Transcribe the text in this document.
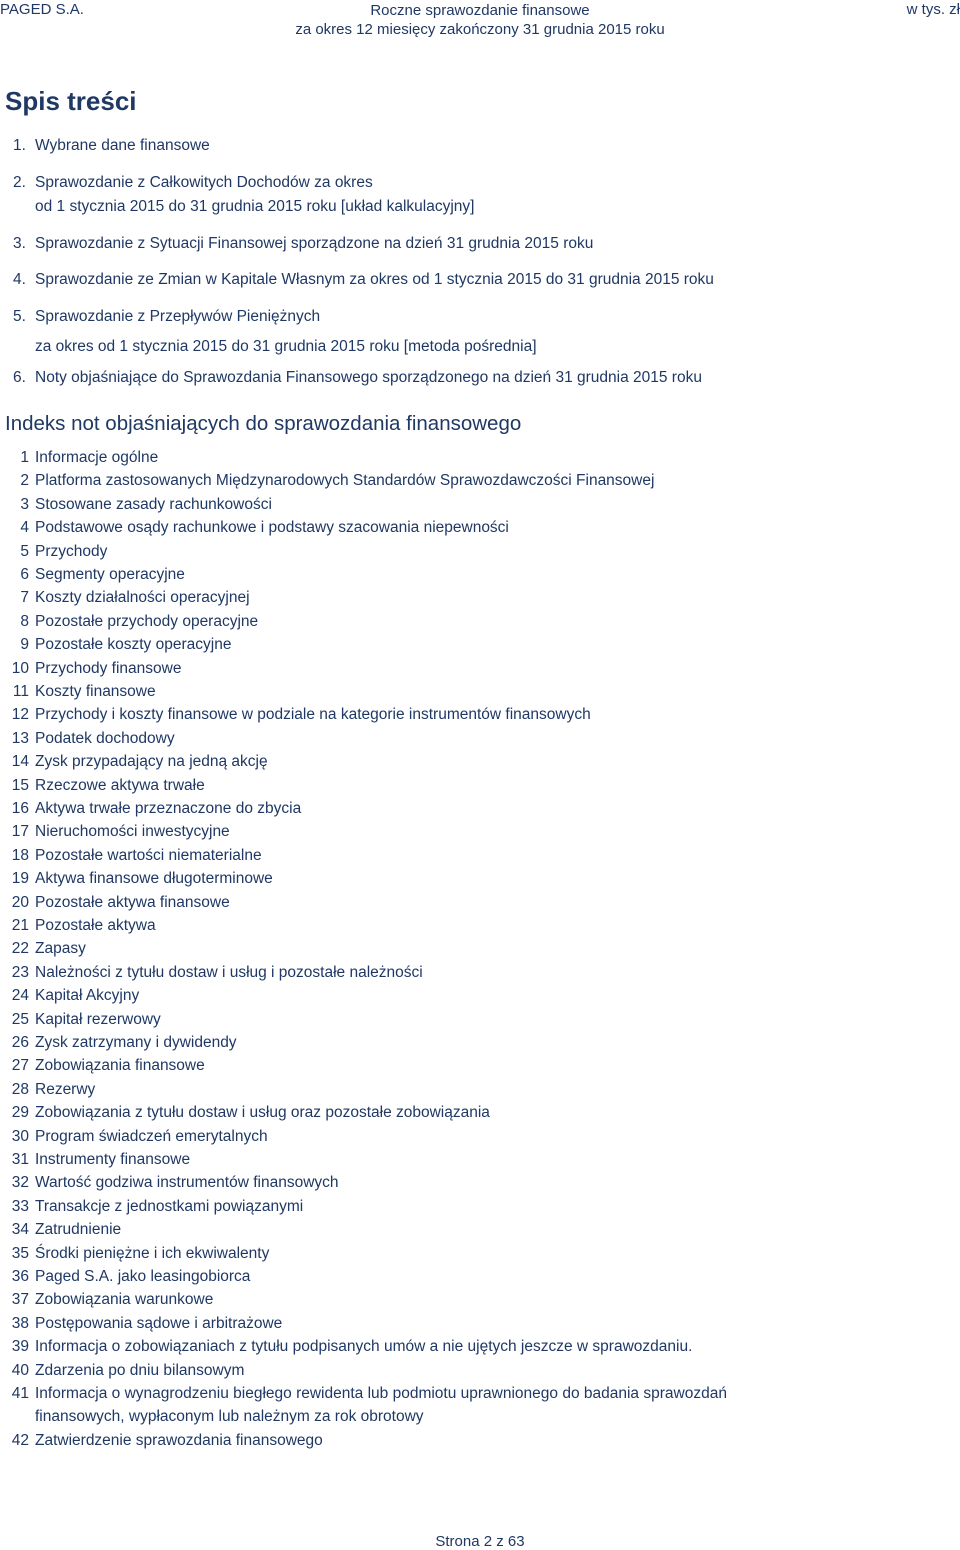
PAGED S.A.	Roczne sprawozdanie finansowe
za okres 12 miesięcy zakończony 31 grudnia 2015 roku
w tys. zł
Spis treści
1. Wybrane dane finansowe
2. Sprawozdanie z Całkowitych Dochodów za okres
od 1 stycznia 2015 do 31 grudnia 2015 roku [układ kalkulacyjny]
3. Sprawozdanie z Sytuacji Finansowej sporządzone na dzień 31 grudnia 2015 roku
4. Sprawozdanie ze Zmian w Kapitale Własnym za okres od 1 stycznia 2015 do 31 grudnia 2015 roku
5. Sprawozdanie z Przepływów Pieniężnych
za okres od 1 stycznia 2015 do 31 grudnia 2015 roku [metoda pośrednia]
6. Noty objaśniające do Sprawozdania Finansowego sporządzonego na dzień 31 grudnia 2015 roku
Indeks not objaśniających do sprawozdania finansowego
1 Informacje ogólne
2 Platforma zastosowanych Międzynarodowych Standardów Sprawozdawczości Finansowej
3 Stosowane zasady rachunkowości
4 Podstawowe osądy rachunkowe i podstawy szacowania niepewności
5 Przychody
6 Segmenty operacyjne
7 Koszty działalności operacyjnej
8 Pozostałe przychody operacyjne
9 Pozostałe koszty operacyjne
10 Przychody finansowe
11 Koszty finansowe
12 Przychody i koszty finansowe w podziale na kategorie instrumentów finansowych
13 Podatek dochodowy
14 Zysk przypadający na jedną akcję
15 Rzeczowe aktywa trwałe
16 Aktywa trwałe przeznaczone do zbycia
17 Nieruchomości inwestycyjne
18 Pozostałe wartości niematerialne
19 Aktywa finansowe długoterminowe
20 Pozostałe aktywa finansowe
21 Pozostałe aktywa
22 Zapasy
23 Należności z tytułu dostaw i usług i pozostałe należności
24 Kapitał Akcyjny
25 Kapitał rezerwowy
26 Zysk zatrzymany i dywidendy
27 Zobowiązania finansowe
28 Rezerwy
29 Zobowiązania z tytułu dostaw i usług oraz pozostałe zobowiązania
30 Program świadczeń emerytalnych
31 Instrumenty finansowe
32 Wartość godziwa instrumentów finansowych
33 Transakcje z jednostkami powiązanymi
34 Zatrudnienie
35 Środki pieniężne i ich ekwiwalenty
36 Paged S.A. jako leasingobiorca
37 Zobowiązania warunkowe
38 Postępowania sądowe i arbitrażowe
39 Informacja o zobowiązaniach z tytułu podpisanych umów a nie ujętych jeszcze w sprawozdaniu.
40 Zdarzenia po dniu bilansowym
41 Informacja o wynagrodzeniu biegłego rewidenta lub podmiotu uprawnionego do badania sprawozdań
finansowych, wypłaconym lub należnym za rok obrotowy
42 Zatwierdzenie sprawozdania finansowego
Strona 2 z 63
